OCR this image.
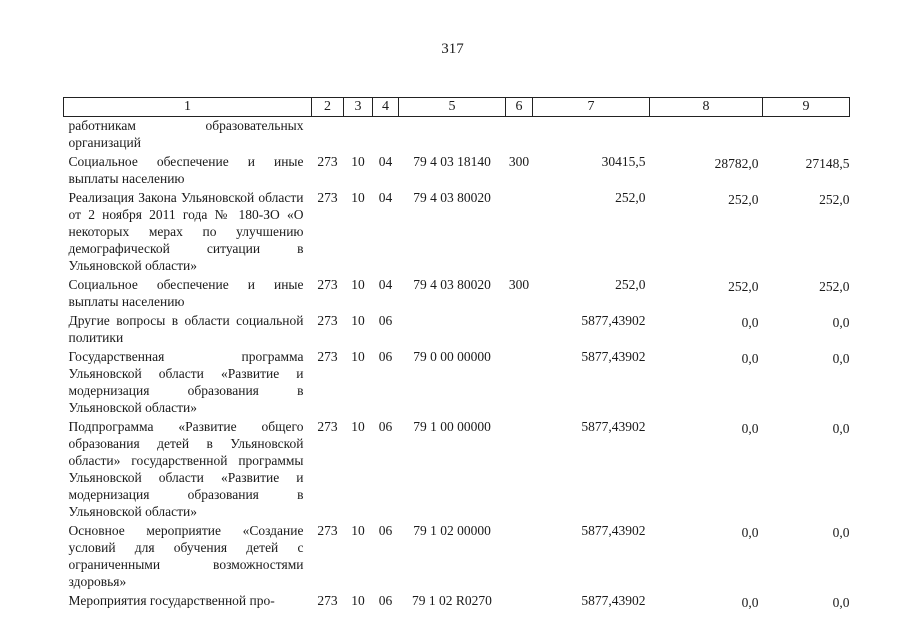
317
1	2	3	4	5	6	7	8	9
работникам образовательных организаций								
Социальное обеспечение и иные выплаты населению	273	10	04	79 4 03 18140	300	30415,5	28782,0	27148,5
Реализация Закона Ульяновской области от 2 ноября 2011 года № 180-ЗО «О некоторых мерах по улучшению демографической ситуации в Ульяновской области»	273	10	04	79 4 03 80020		252,0	252,0	252,0
Социальное обеспечение и иные выплаты населению	273	10	04	79 4 03 80020	300	252,0	252,0	252,0
Другие вопросы в области социальной политики	273	10	06			5877,43902	0,0	0,0
Государственная программа Ульяновской области «Развитие и модернизация образования в Ульяновской области»	273	10	06	79 0 00 00000		5877,43902	0,0	0,0
Подпрограмма «Развитие общего образования детей в Ульяновской области» государственной программы Ульяновской области «Развитие и модернизация образования в Ульяновской области»	273	10	06	79 1 00 00000		5877,43902	0,0	0,0
Основное мероприятие «Создание условий для обучения детей с ограниченными возможностями здоровья»	273	10	06	79 1 02 00000		5877,43902	0,0	0,0
Мероприятия государственной про-	273	10	06	79 1 02 R0270		5877,43902	0,0	0,0
